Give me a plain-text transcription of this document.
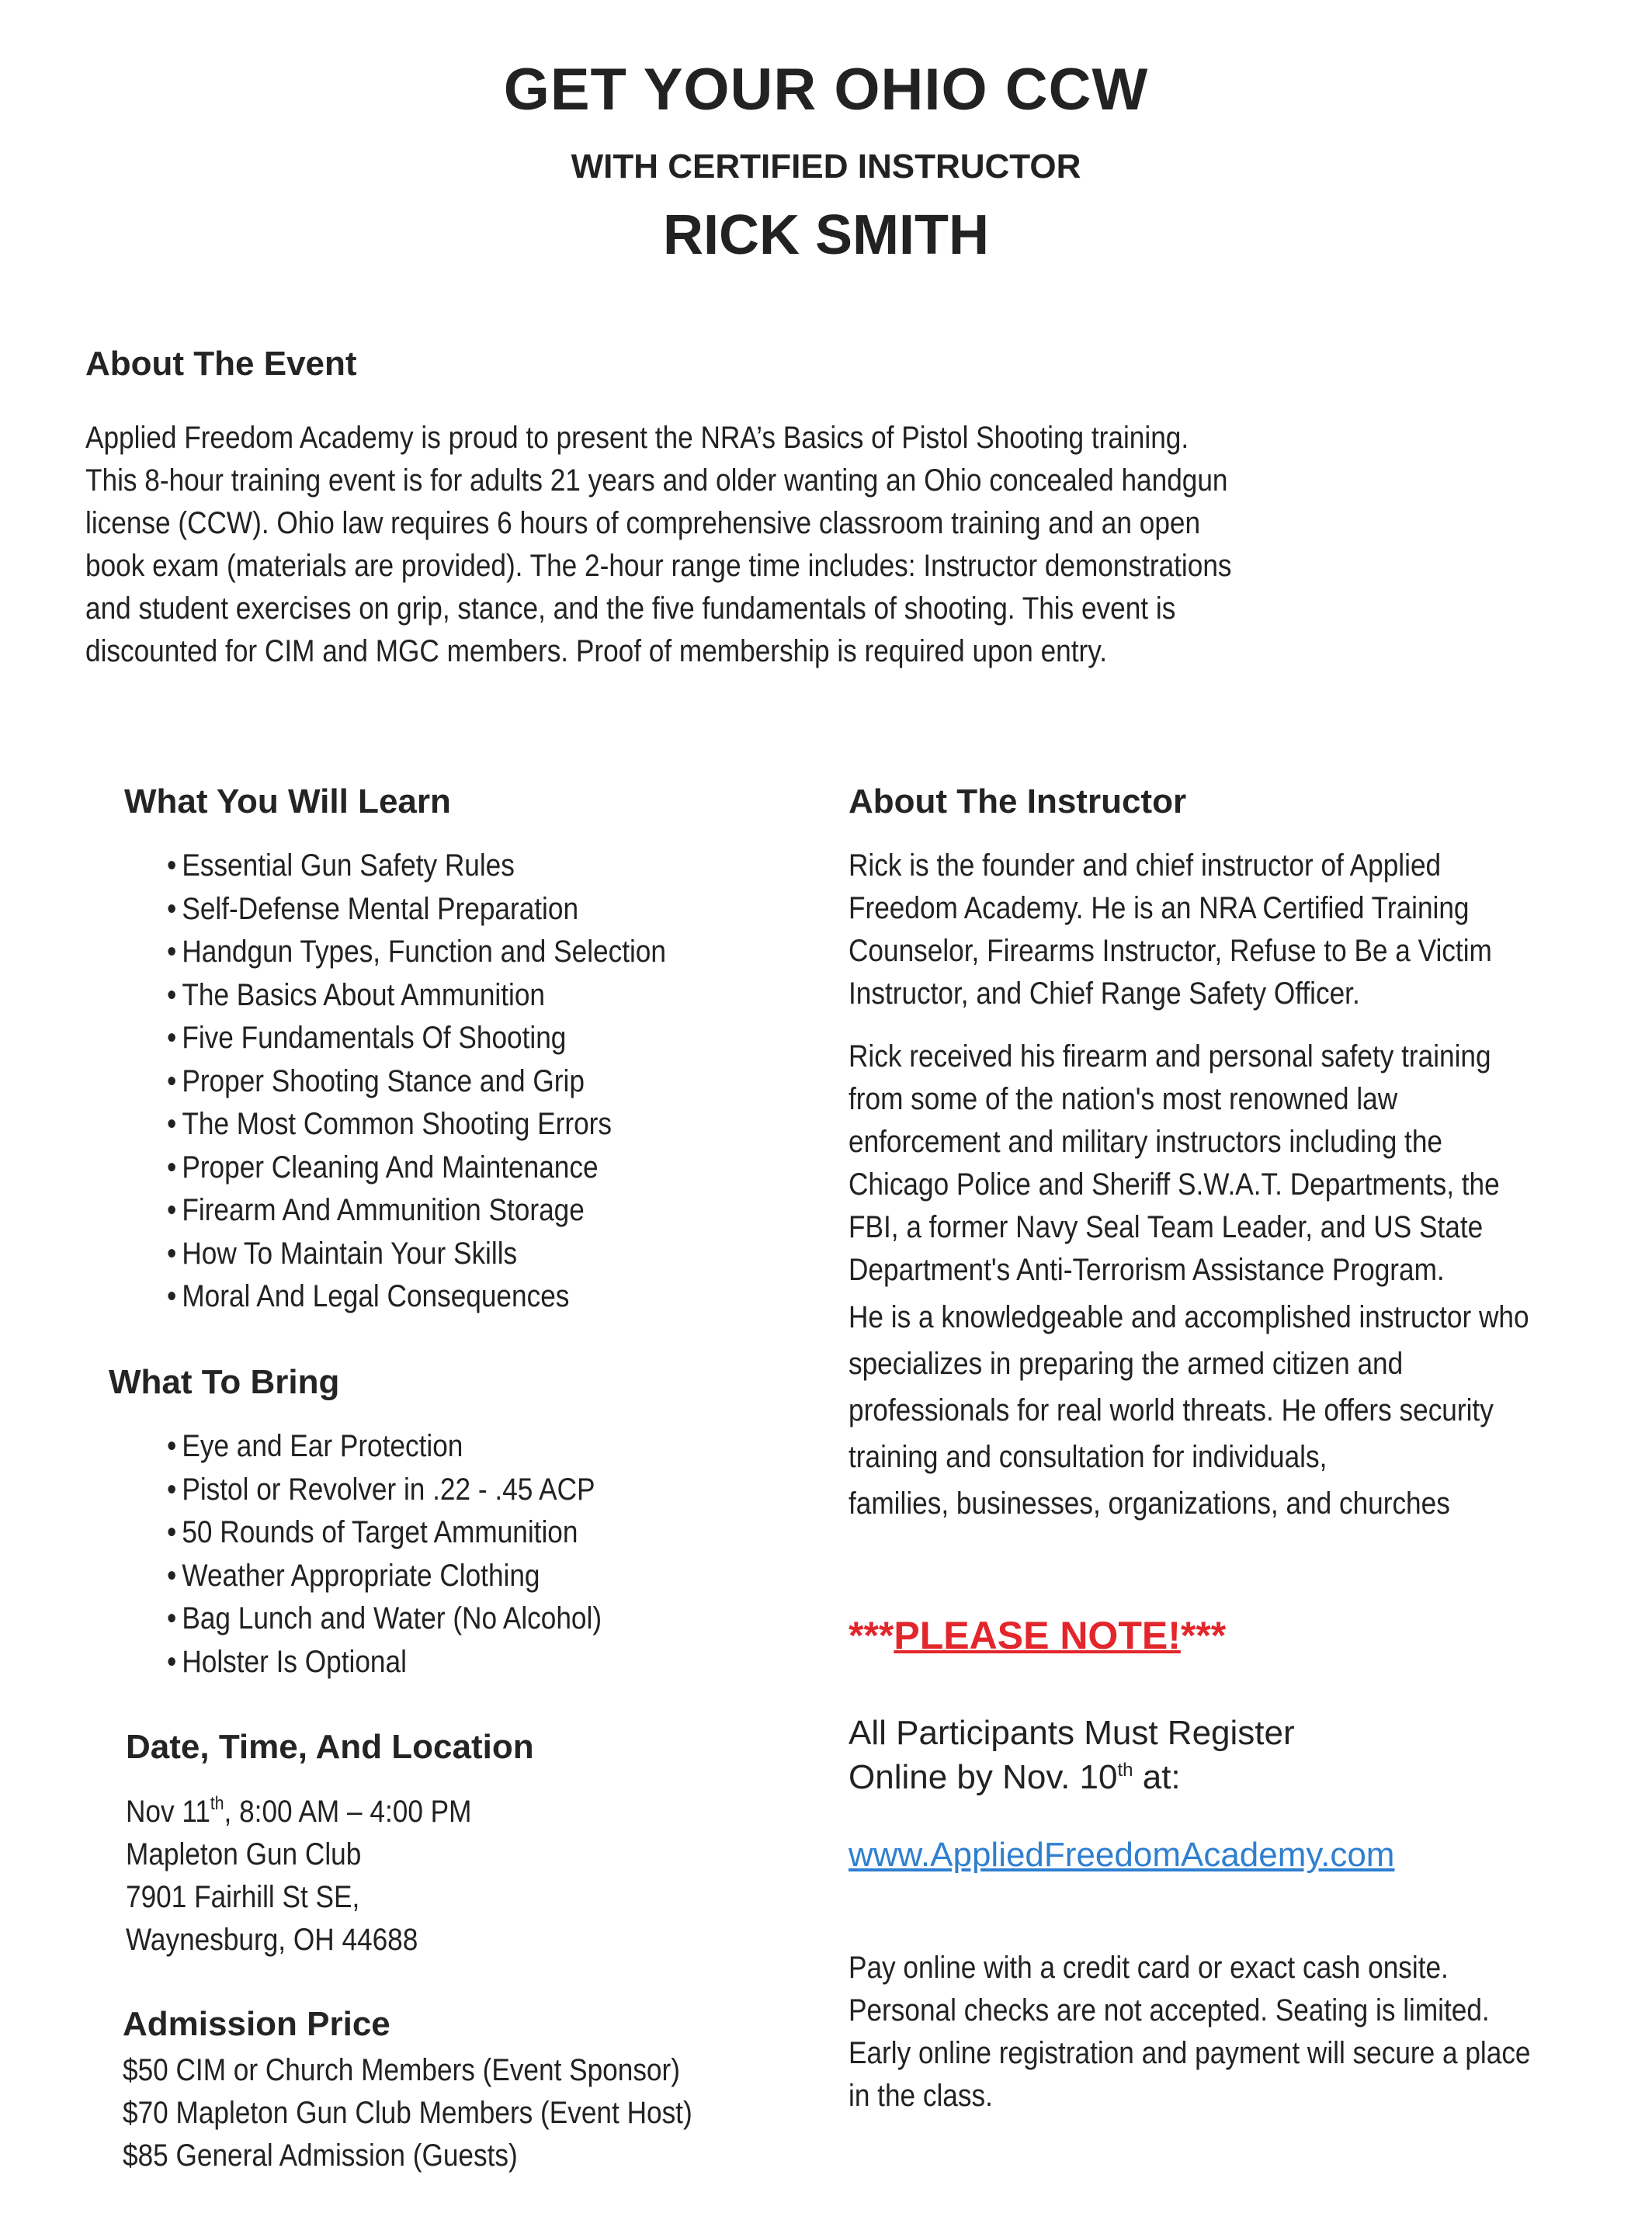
GET YOUR OHIO CCW
WITH CERTIFIED INSTRUCTOR
RICK SMITH
About The Event
Applied Freedom Academy is proud to present the NRA’s Basics of Pistol Shooting training.
This 8-hour training event is for adults 21 years and older wanting an Ohio concealed handgun
license (CCW). Ohio law requires 6 hours of comprehensive classroom training and an open
book exam (materials are provided). The 2-hour range time includes: Instructor demonstrations
and student exercises on grip, stance, and the five fundamentals of shooting. This event is
discounted for CIM and MGC members. Proof of membership is required upon entry.
What You Will Learn
• Essential Gun Safety Rules
• Self-Defense Mental Preparation
• Handgun Types, Function and Selection
• The Basics About Ammunition
• Five Fundamentals Of Shooting
• Proper Shooting Stance and Grip
• The Most Common Shooting Errors
• Proper Cleaning And Maintenance
• Firearm And Ammunition Storage
• How To Maintain Your Skills
• Moral And Legal Consequences
What To Bring
• Eye and Ear Protection
• Pistol or Revolver in .22 - .45 ACP
• 50 Rounds of Target Ammunition
• Weather Appropriate Clothing
• Bag Lunch and Water (No Alcohol)
• Holster Is Optional
Date, Time, And Location
Nov 11th, 8:00 AM – 4:00 PM
Mapleton Gun Club
7901 Fairhill St SE,
Waynesburg, OH 44688
Admission Price
$50 CIM or Church Members (Event Sponsor)
$70 Mapleton Gun Club Members (Event Host)
$85 General Admission (Guests)
About The Instructor
Rick is the founder and chief instructor of Applied
Freedom Academy. He is an NRA Certified Training
Counselor, Firearms Instructor, Refuse to Be a Victim
Instructor, and Chief Range Safety Officer.
Rick received his firearm and personal safety training
from some of the nation's most renowned law
enforcement and military instructors including the
Chicago Police and Sheriff S.W.A.T. Departments, the
FBI, a former Navy Seal Team Leader, and US State
Department's Anti-Terrorism Assistance Program.
He is a knowledgeable and accomplished instructor who
specializes in preparing the armed citizen and
professionals for real world threats. He offers security
training and consultation for individuals,
families, businesses, organizations, and churches
***PLEASE NOTE!***
All Participants Must Register
Online by Nov. 10th at:
www.AppliedFreedomAcademy.com
Pay online with a credit card or exact cash onsite.
Personal checks are not accepted. Seating is limited.
Early online registration and payment will secure a place
in the class.
